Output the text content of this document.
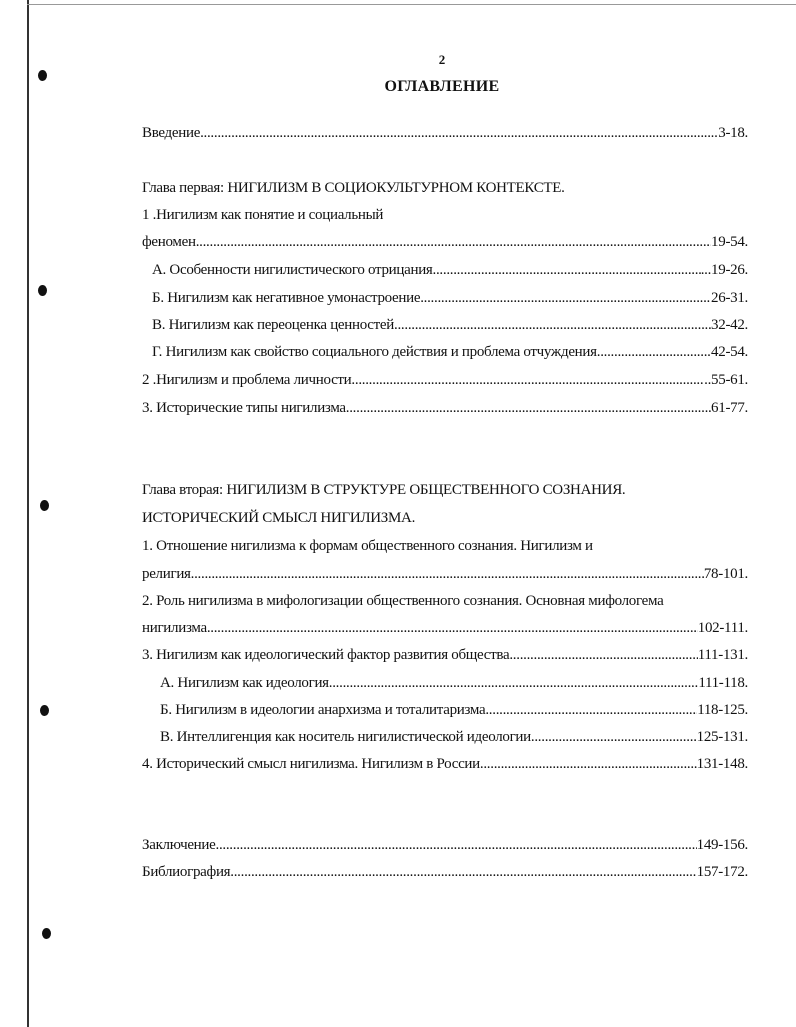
2
ОГЛАВЛЕНИЕ
Введение .....	3-18.
Глава первая: НИГИЛИЗМ В СОЦИОКУЛЬТУРНОМ КОНТЕКСТЕ.
1 .Нигилизм как понятие и социальный
феномен .....	19-54.
А. Особенности нигилистического отрицания .....	...19-26.
Б. Нигилизм как негативное умонастроение .....	26-31.
В. Нигилизм как переоценка ценностей .....	32-42.
Г. Нигилизм как свойство социального действия и проблема отчуждения .....	42-54.
2 .Нигилизм и проблема личности .....	..55-61.
3. Исторические типы нигилизма .....	61-77.
Глава вторая: НИГИЛИЗМ В СТРУКТУРЕ ОБЩЕСТВЕННОГО СОЗНАНИЯ.
ИСТОРИЧЕСКИЙ СМЫСЛ НИГИЛИЗМА.
1. Отношение нигилизма к формам общественного сознания. Нигилизм и
религия .....	78-101.
2. Роль нигилизма в мифологизации общественного сознания. Основная мифологема
нигилизма .....	102-111.
3. Нигилизм как идеологический фактор развития общества .....	111-131.
А. Нигилизм как идеология .....	111-118.
Б. Нигилизм в идеологии анархизма и тоталитаризма .....	118-125.
В. Интеллигенция как носитель нигилистической идеологии. .....	...125-131.
4. Исторический смысл нигилизма. Нигилизм в России .....	131-148.
Заключение .....	149-156.
Библиография .....	157-172.
